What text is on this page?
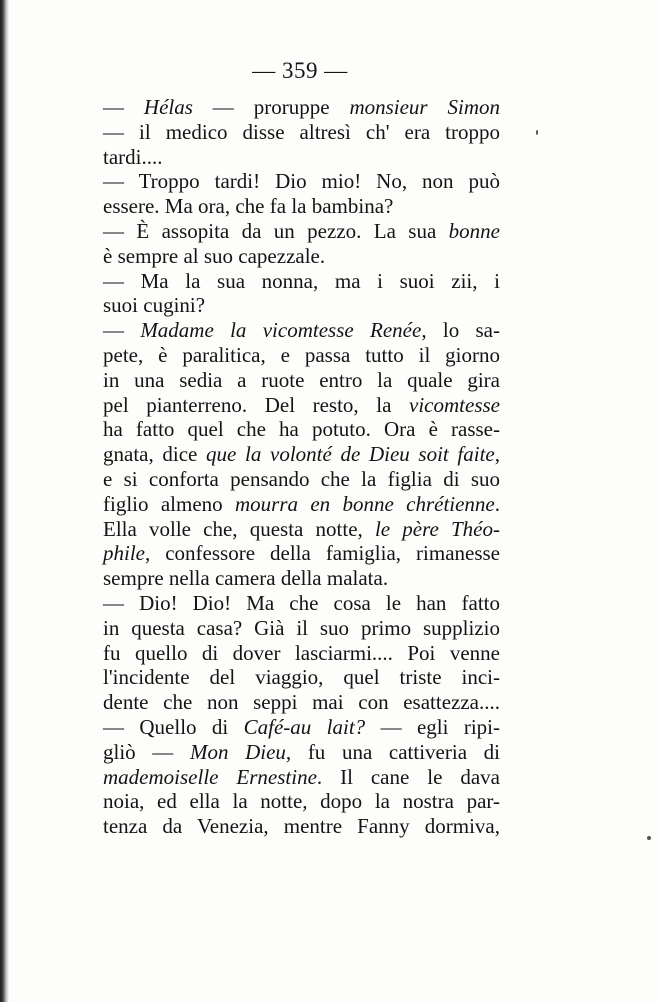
— 359 —
— Hélas — proruppe monsieur Simon
— il medico disse altresì ch' era troppo
tardi....
— Troppo tardi! Dio mio! No, non può
essere. Ma ora, che fa la bambina?
— È assopita da un pezzo. La sua bonne
è sempre al suo capezzale.
— Ma la sua nonna, ma i suoi zii, i
suoi cugini?
— Madame la vicomtesse Renée, lo sa-
pete, è paralitica, e passa tutto il giorno
in una sedia a ruote entro la quale gira
pel pianterreno. Del resto, la vicomtesse
ha fatto quel che ha potuto. Ora è rasse-
gnata, dice que la volonté de Dieu soit faite,
e si conforta pensando che la figlia di suo
figlio almeno mourra en bonne chrétienne.
Ella volle che, questa notte, le père Théo-
phile, confessore della famiglia, rimanesse
sempre nella camera della malata.
— Dio! Dio! Ma che cosa le han fatto
in questa casa? Già il suo primo supplizio
fu quello di dover lasciarmi.... Poi venne
l'incidente del viaggio, quel triste inci-
dente che non seppi mai con esattezza....
— Quello di Café-au lait? — egli ripi-
gliò — Mon Dieu, fu una cattiveria di
mademoiselle Ernestine. Il cane le dava
noia, ed ella la notte, dopo la nostra par-
tenza da Venezia, mentre Fanny dormiva,
